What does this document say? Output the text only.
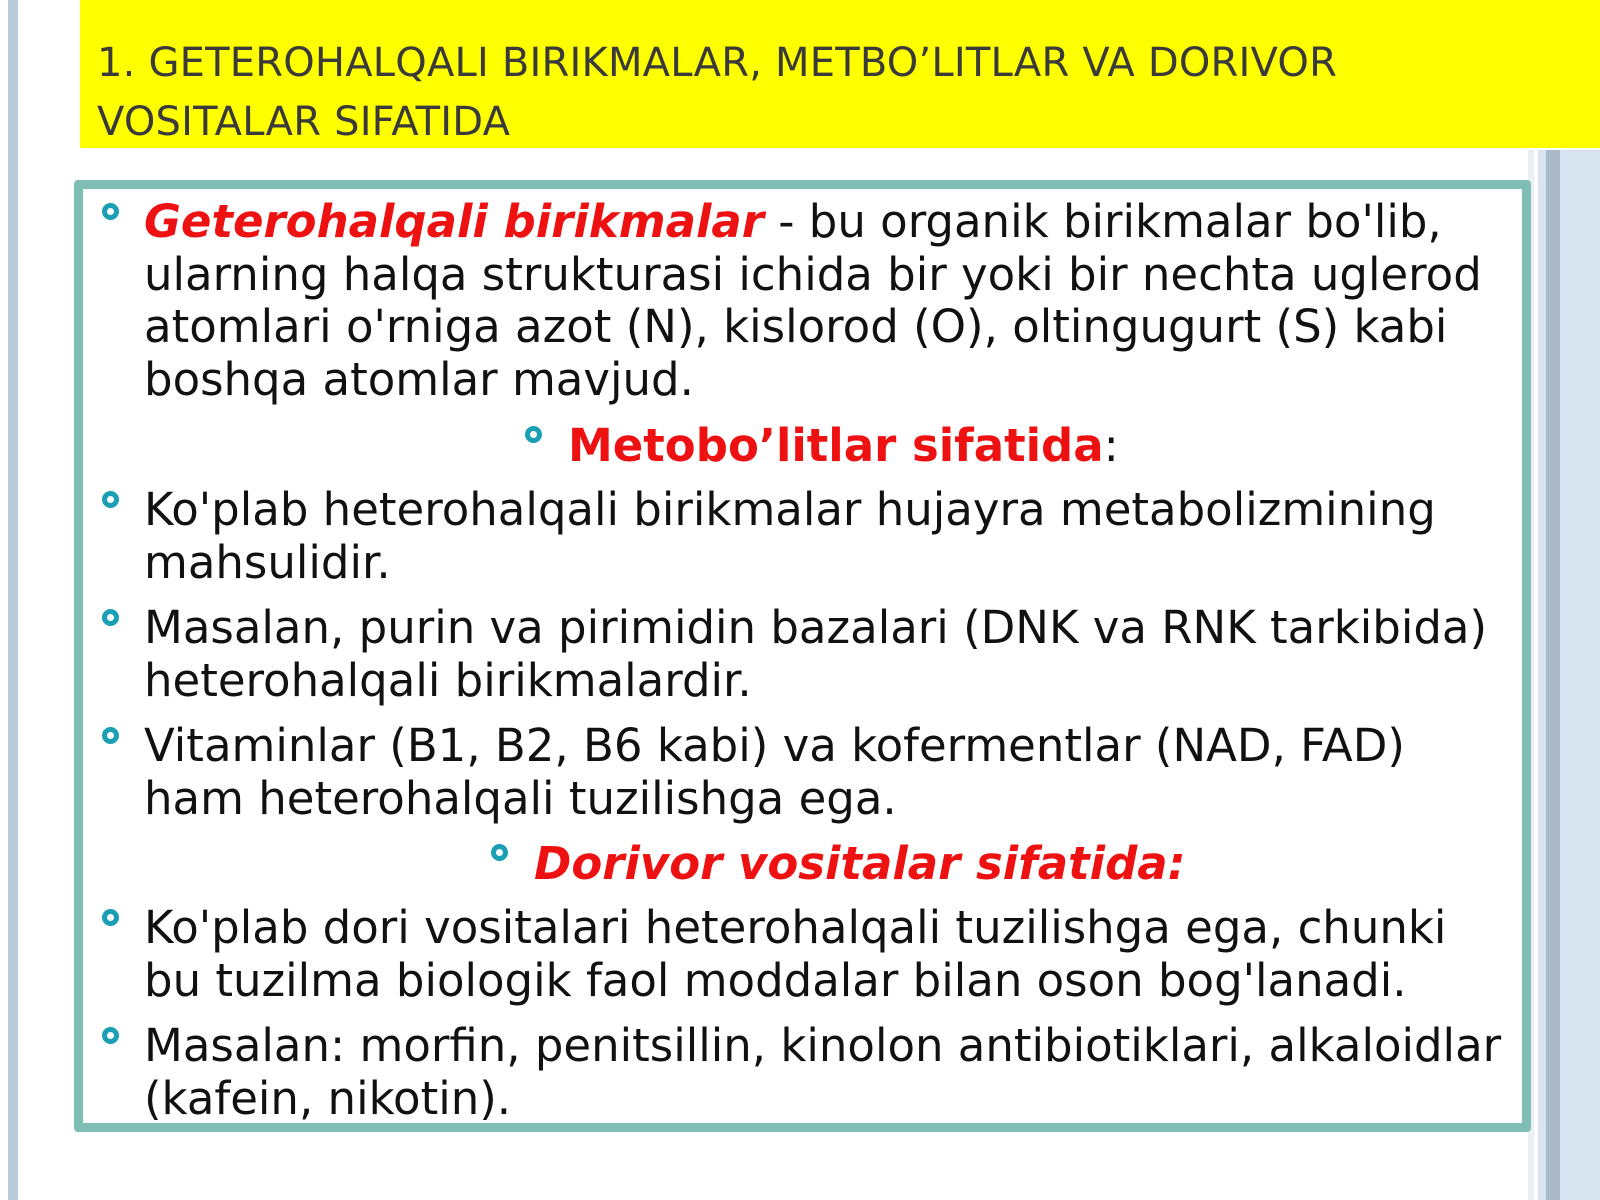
1. GETEROHALQALI BIRIKMALAR, METBO’LITLAR VA DORIVOR VOSITALAR SIFATIDA
Geterohalqali birikmalar - bu organik birikmalar bo'lib, ularning halqa strukturasi ichida bir yoki bir nechta uglerod atomlari o'rniga azot (N), kislorod (O), oltingugurt (S) kabi boshqa atomlar mavjud.
Metobo’litlar sifatida:
Ko'plab heterohalqali birikmalar hujayra metabolizmining mahsulidir.
Masalan, purin va pirimidin bazalari (DNK va RNK tarkibida) heterohalqali birikmalardir.
Vitaminlar (B1, B2, B6 kabi) va kofermentlar (NAD, FAD) ham heterohalqali tuzilishga ega.
Dorivor vositalar sifatida:
Ko'plab dori vositalari heterohalqali tuzilishga ega, chunki bu tuzilma biologik faol moddalar bilan oson bog'lanadi.
Masalan: morfin, penitsillin, kinolon antibiotiklari, alkaloidlar (kafein, nikotin).
